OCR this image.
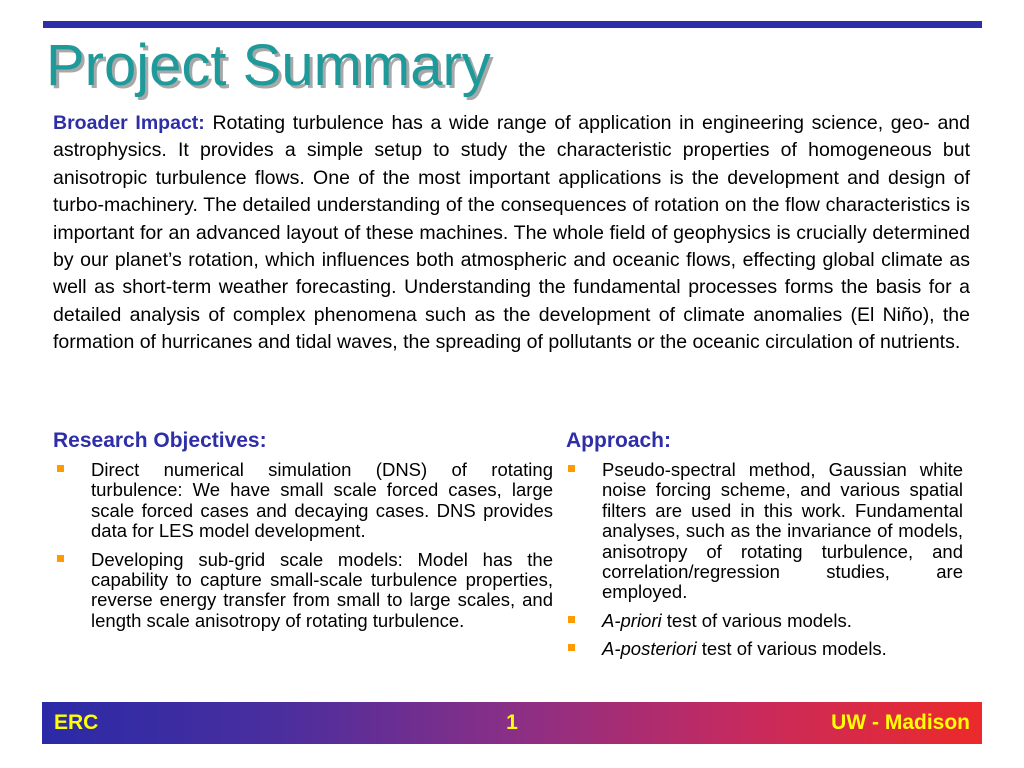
Project Summary
Broader Impact: Rotating turbulence has a wide range of application in engineering science, geo- and astrophysics. It provides a simple setup to study the characteristic properties of homogeneous but anisotropic turbulence flows. One of the most important applications is the development and design of turbo-machinery. The detailed understanding of the consequences of rotation on the flow characteristics is important for an advanced layout of these machines. The whole field of geophysics is crucially determined by our planet’s rotation, which influences both atmospheric and oceanic flows, effecting global climate as well as short-term weather forecasting. Understanding the fundamental processes forms the basis for a detailed analysis of complex phenomena such as the development of climate anomalies (El Niño), the formation of hurricanes and tidal waves, the spreading of pollutants or the oceanic circulation of nutrients.
Research Objectives:	Approach:
Direct numerical simulation (DNS) of rotating turbulence: We have small scale forced cases, large scale forced cases and decaying cases. DNS provides data for LES model development.
Developing sub-grid scale models: Model has the capability to capture small-scale turbulence properties, reverse energy transfer from small to large scales, and length scale anisotropy of rotating turbulence.
Pseudo-spectral method, Gaussian white noise forcing scheme, and various spatial filters are used in this work. Fundamental analyses, such as the invariance of models, anisotropy of rotating turbulence, and correlation/regression studies, are employed.
A-priori test of various models.
A-posteriori test of various models.
1
ERC	UW - Madison
